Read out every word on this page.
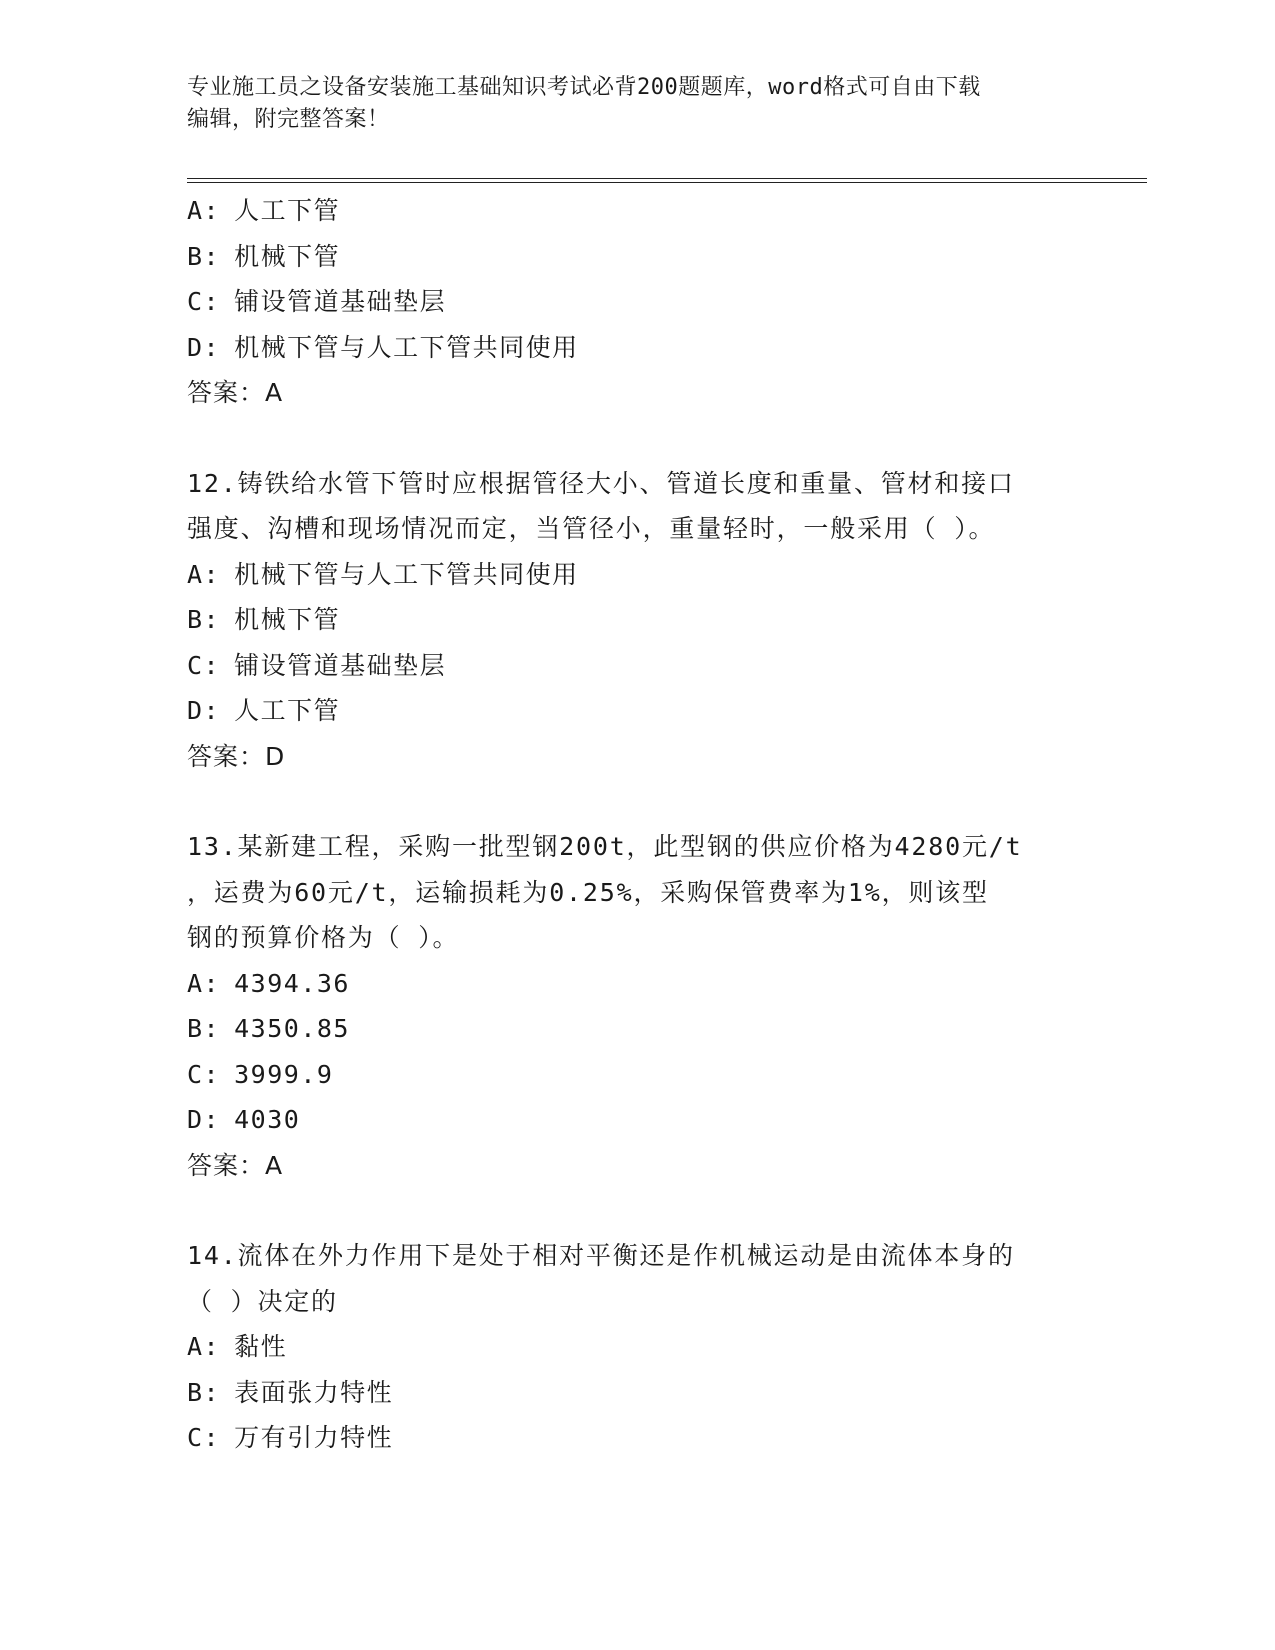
专业施工员之设备安装施工基础知识考试必背200题题库，word格式可自由下载
编辑，附完整答案！
A: 人工下管
B: 机械下管
C: 铺设管道基础垫层
D: 机械下管与人工下管共同使用
答案：A
12.铸铁给水管下管时应根据管径大小、管道长度和重量、管材和接口
强度、沟槽和现场情况而定，当管径小，重量轻时，一般采用（ ）。
A: 机械下管与人工下管共同使用
B: 机械下管
C: 铺设管道基础垫层
D: 人工下管
答案：D
13.某新建工程，采购一批型钢200t，此型钢的供应价格为4280元/t
，运费为60元/t，运输损耗为0.25%，采购保管费率为1%，则该型
钢的预算价格为（ ）。
A: 4394.36
B: 4350.85
C: 3999.9
D: 4030
答案：A
14.流体在外力作用下是处于相对平衡还是作机械运动是由流体本身的
（ ）决定的
A: 黏性
B: 表面张力特性
C: 万有引力特性
